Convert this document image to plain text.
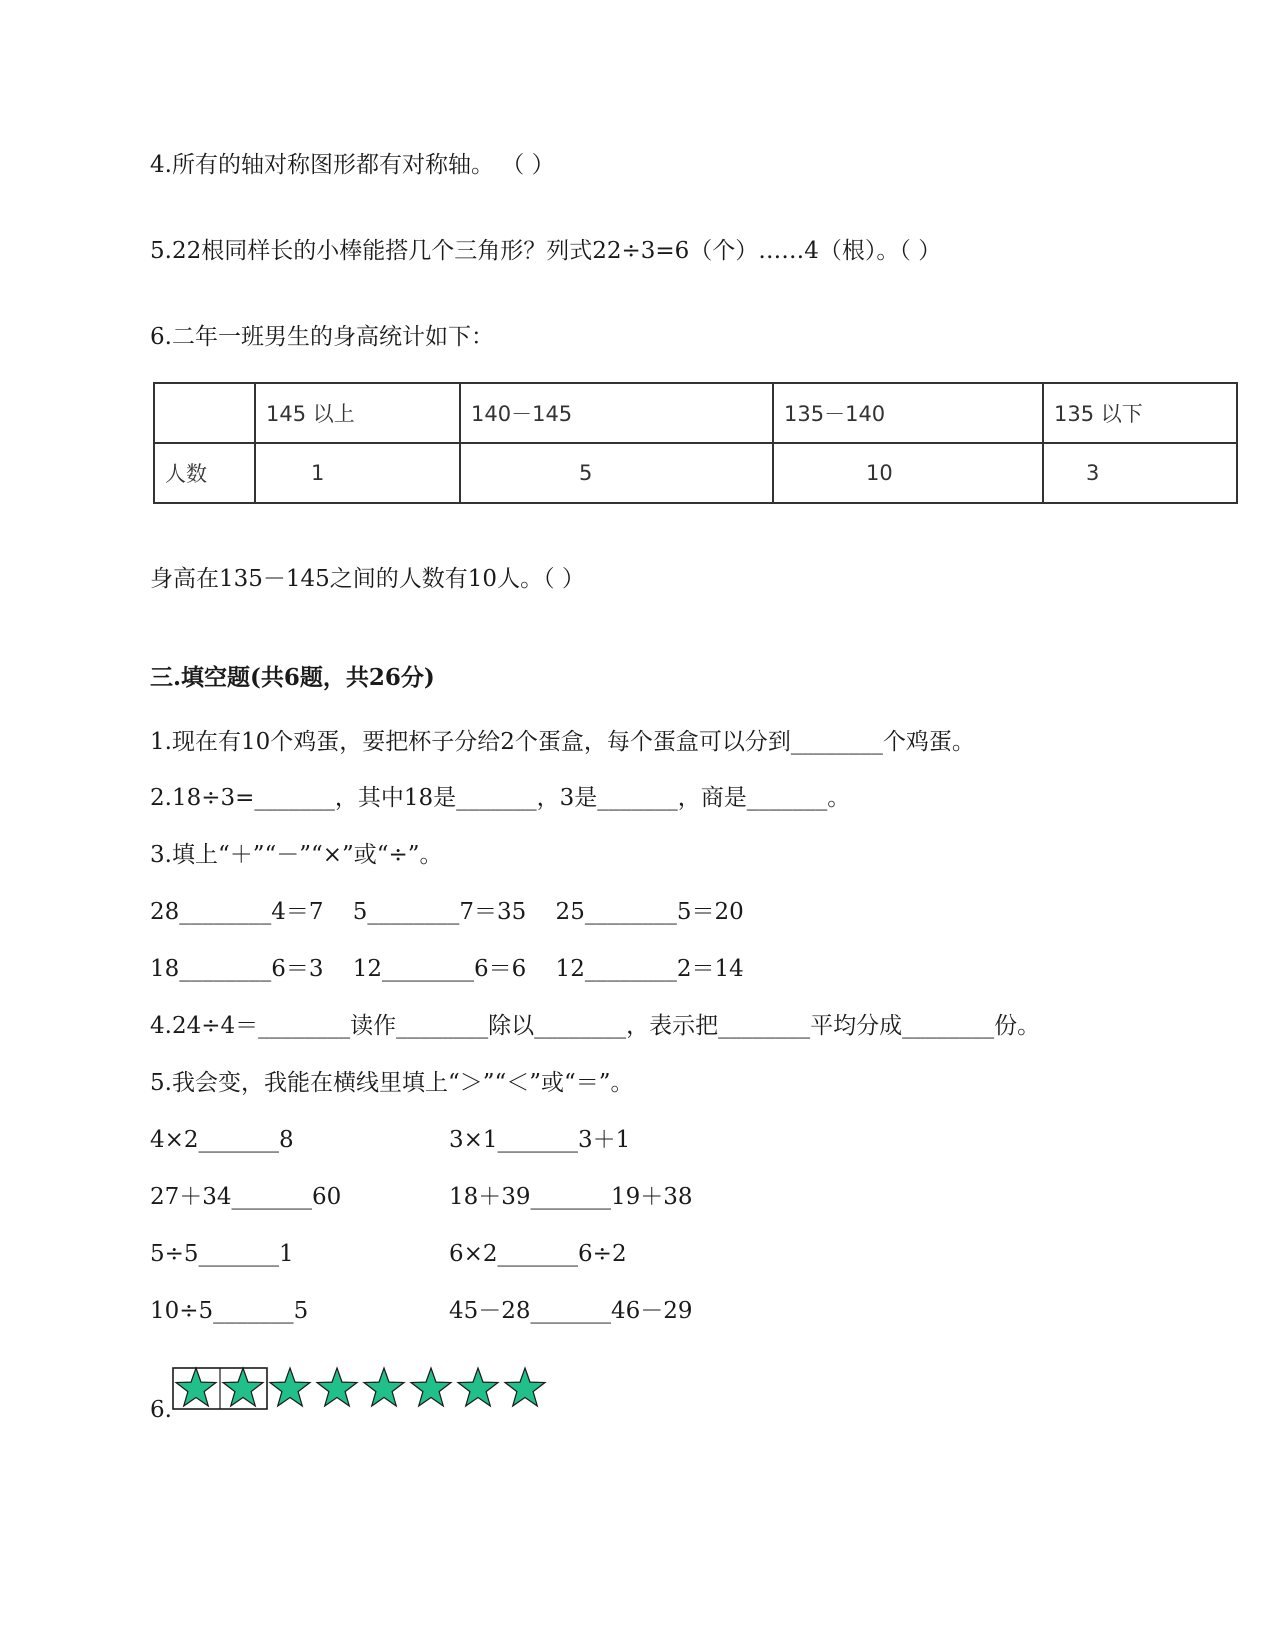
4.所有的轴对称图形都有对称轴。 （ ）
5.22根同样长的小棒能搭几个三角形？列式22÷3=6（个）……4（根）。（ ）
6.二年一班男生的身高统计如下：
	145 以上	140－145	135－140	135 以下
人数	1	5	10	3
身高在135－145之间的人数有10人。（ ）
三.填空题(共6题，共26分)
1.现在有10个鸡蛋，要把杯子分给2个蛋盒，每个蛋盒可以分到________个鸡蛋。
2.18÷3=_______，其中18是_______，3是_______，商是_______。
3.填上“＋”“－”“×”或“÷”。
28________4＝7    5________7＝35    25________5＝20
18________6＝3    12________6＝6    12________2＝14
4.24÷4＝________读作________除以________，表示把________平均分成________份。
5.我会变，我能在横线里填上“＞”“＜”或“＝”。
4×2_______8	3×1_______3＋1
27＋34_______60	18＋39_______19＋38
5÷5_______1	6×2_______6÷2
10÷5_______5	45－28_______46－29
6.
